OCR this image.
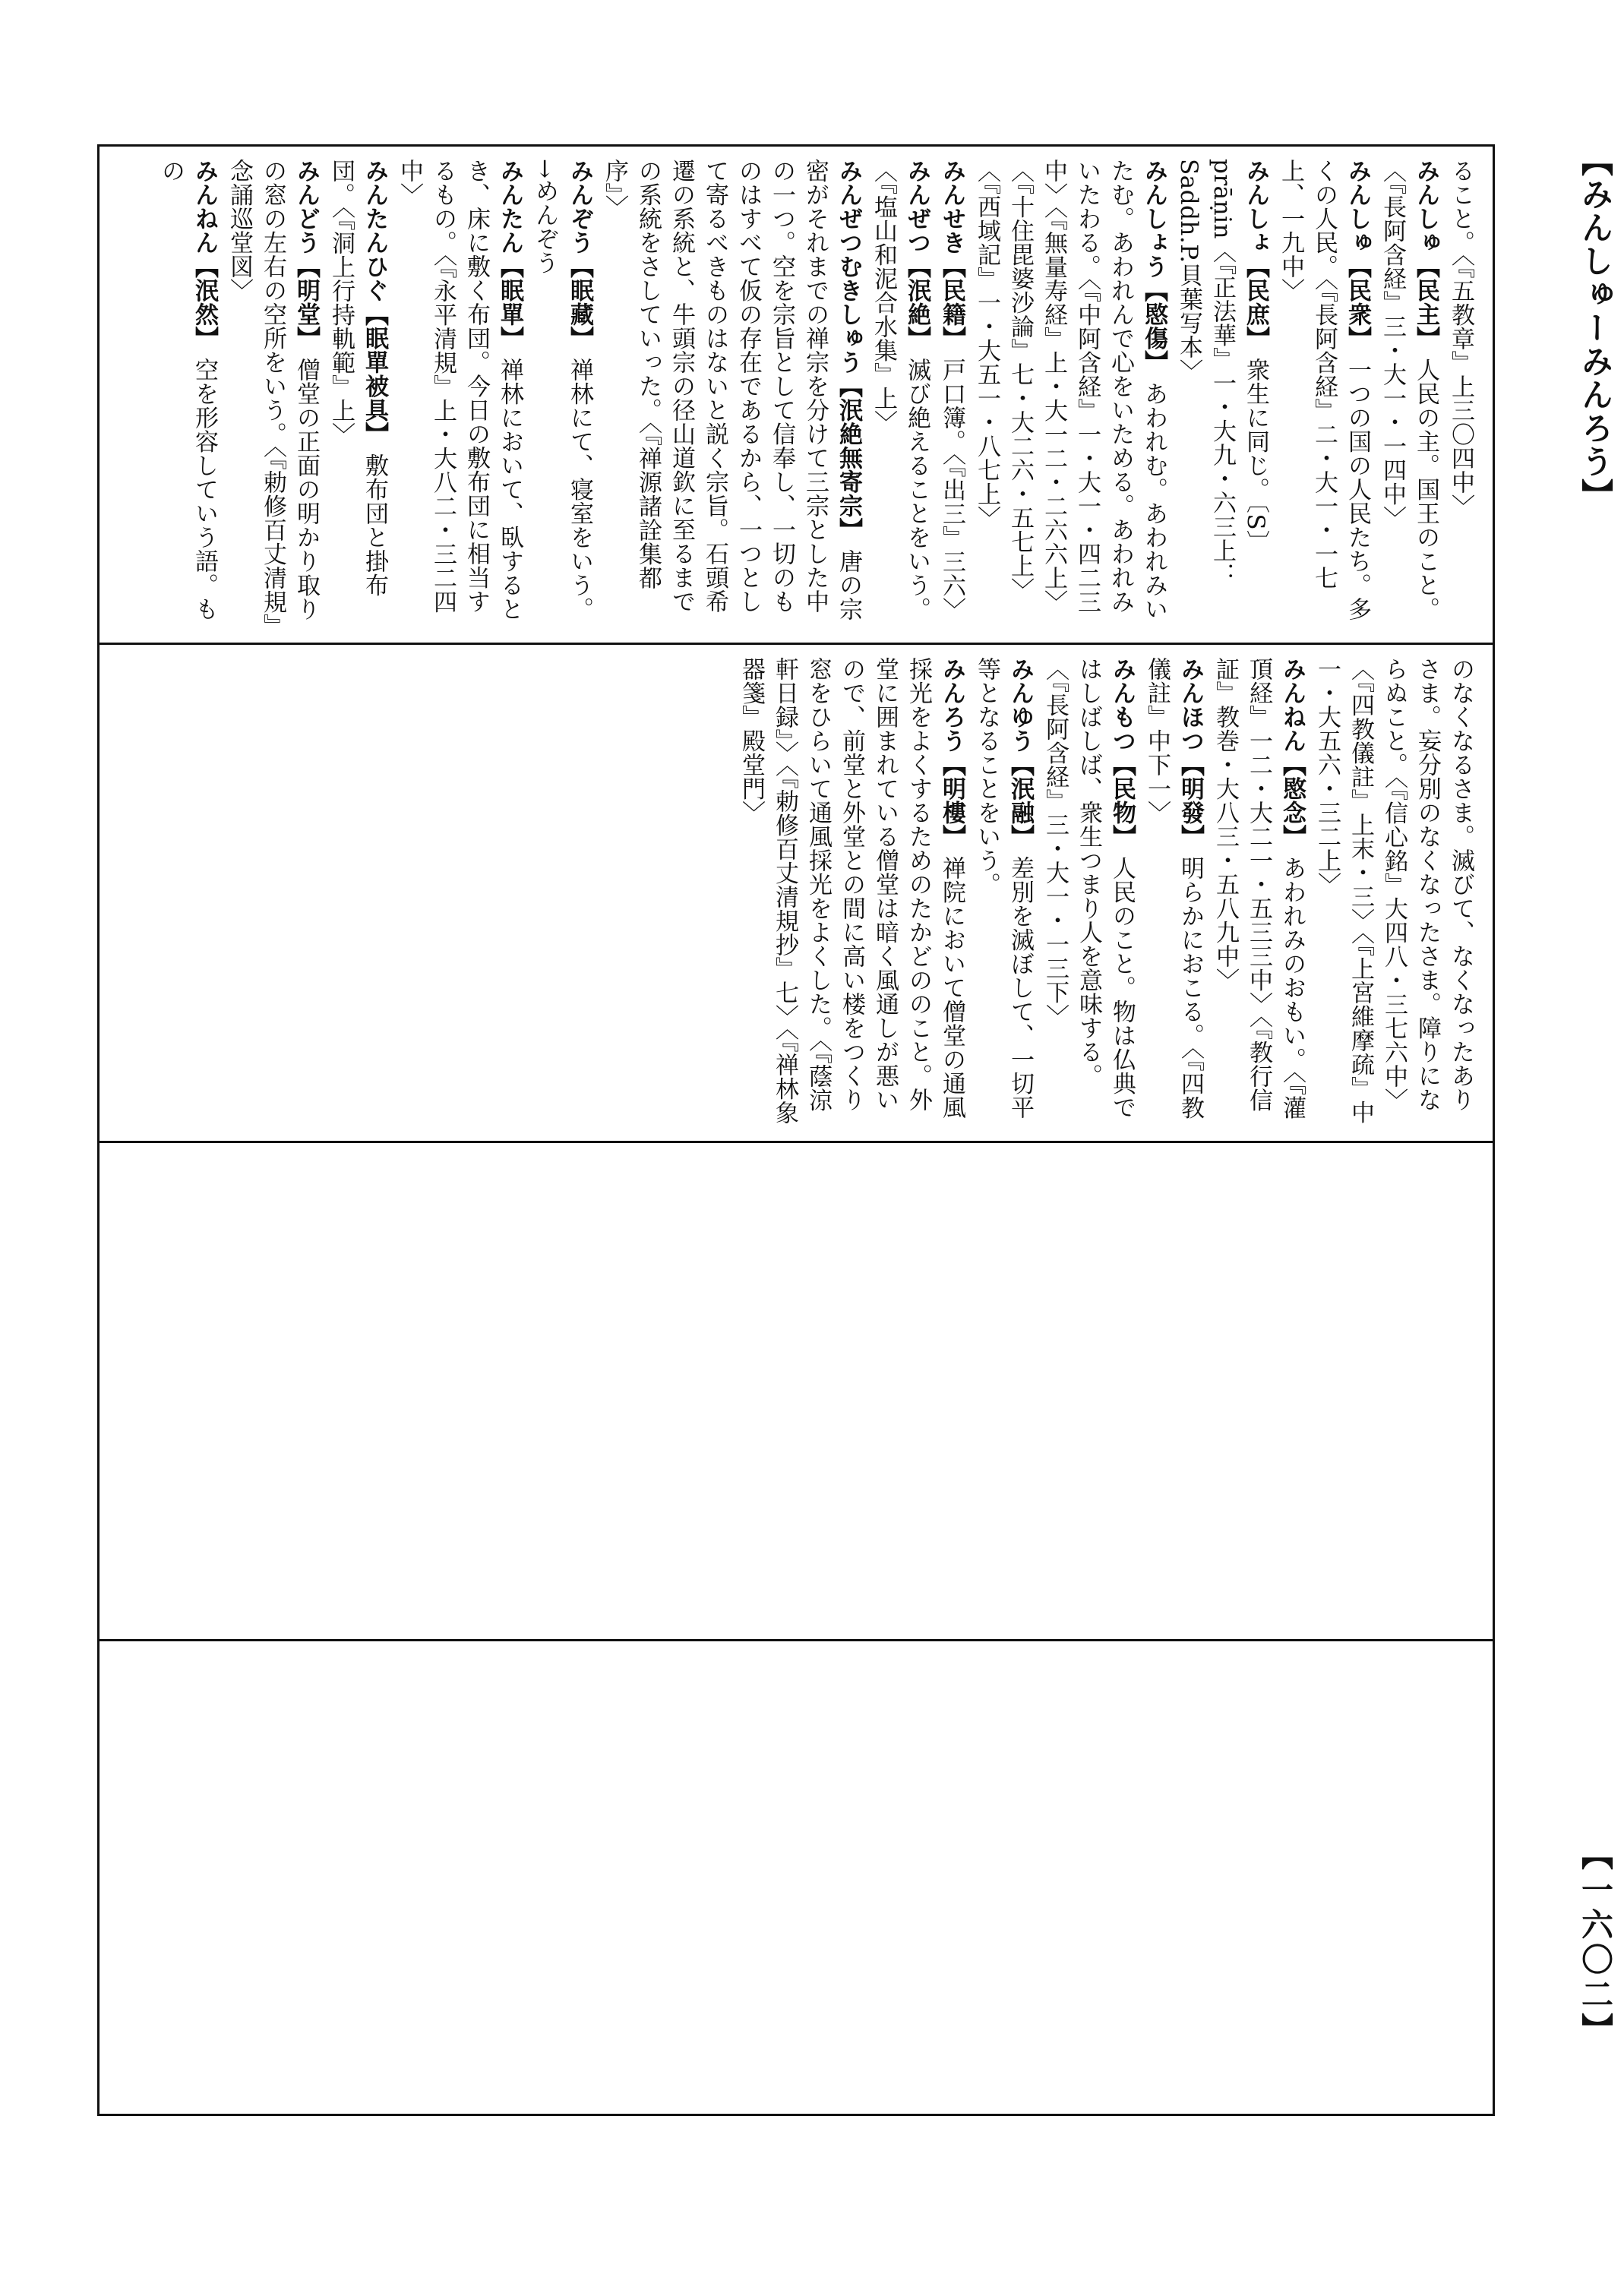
【みんしゅーみんろう】
【一六〇二】

ること。〈『五教章』上三〇四中〉

みんしゅ【民主】 人民の主。国王のこと。〈『長阿含経』三・大一・一四中〉

みんしゅ【民衆】 一つの国の人民たち。多くの人民。〈『長阿含経』二・大一・一七上、一九中〉

みんしょ【民庶】 衆生に同じ。〔S〕prāṇin〈『正法華』一・大九・六三上：Saddh.P.貝葉写本〉

みんしょう【愍傷】 あわれむ。あわれみいたむ。あわれんで心をいためる。あわれみいたわる。〈『中阿含経』一・大一・四二三中〉〈『無量寿経』上・大一二・二六六上〉〈『十住毘婆沙論』七・大二六・五七上〉〈『西域記』一・大五一・八七上〉

みんせき【民籍】 戸口簿。〈『出三』三六〉

みんぜつ【泯絶】 滅び絶えることをいう。〈『塩山和泥合水集』上〉

みんぜつむきしゅう【泯絶無寄宗】 唐の宗密がそれまでの禅宗を分けて三宗とした中の一つ。空を宗旨として信奉し、一切のものはすべて仮の存在であるから、一つとして寄るべきものはないと説く宗旨。石頭希遷の系統と、牛頭宗の径山道欽に至るまでの系統をさしていった。〈『禅源諸詮集都序』〉

みんぞう【眠藏】 禅林にて、寝室をいう。

→めんぞう

みんたん【眠單】 禅林において、臥するとき、床に敷く布団。今日の敷布団に相当するもの。〈『永平清規』上・大八二・三二四中〉

みんたんひぐ【眠單被具】 敷布団と掛布団。〈『洞上行持軌範』上〉

みんどう【明堂】 僧堂の正面の明かり取りの窓の左右の空所をいう。〈『勅修百丈清規』念誦巡堂図〉

みんねん【泯然】 空を形容していう語。もの

のなくなるさま。滅びて、なくなったありさま。妄分別のなくなったさま。障りにならぬこと。〈『信心銘』大四八・三七六中〉〈『四教儀註』上末・三〉〈『上宮維摩疏』中一・大五六・三二上〉

みんねん【愍念】 あわれみのおもい。〈『灌頂経』一二・大二一・五三三中〉〈『教行信証』教巻・大八三・五八九中〉

みんほつ【明發】 明らかにおこる。〈『四教儀註』中下一〉

みんもつ【民物】 人民のこと。物は仏典ではしばしば、衆生つまり人を意味する。〈『長阿含経』三・大一・一三下〉

みんゆう【泯融】 差別を滅ぼして、一切平等となることをいう。

みんろう【明樓】 禅院において僧堂の通風採光をよくするためのたかどののこと。外堂に囲まれている僧堂は暗く風通しが悪いので、前堂と外堂との間に高い楼をつくり窓をひらいて通風採光をよくした。〈『蔭涼軒日録』〉〈『勅修百丈清規抄』七〉〈『禅林象器箋』殿堂門〉
